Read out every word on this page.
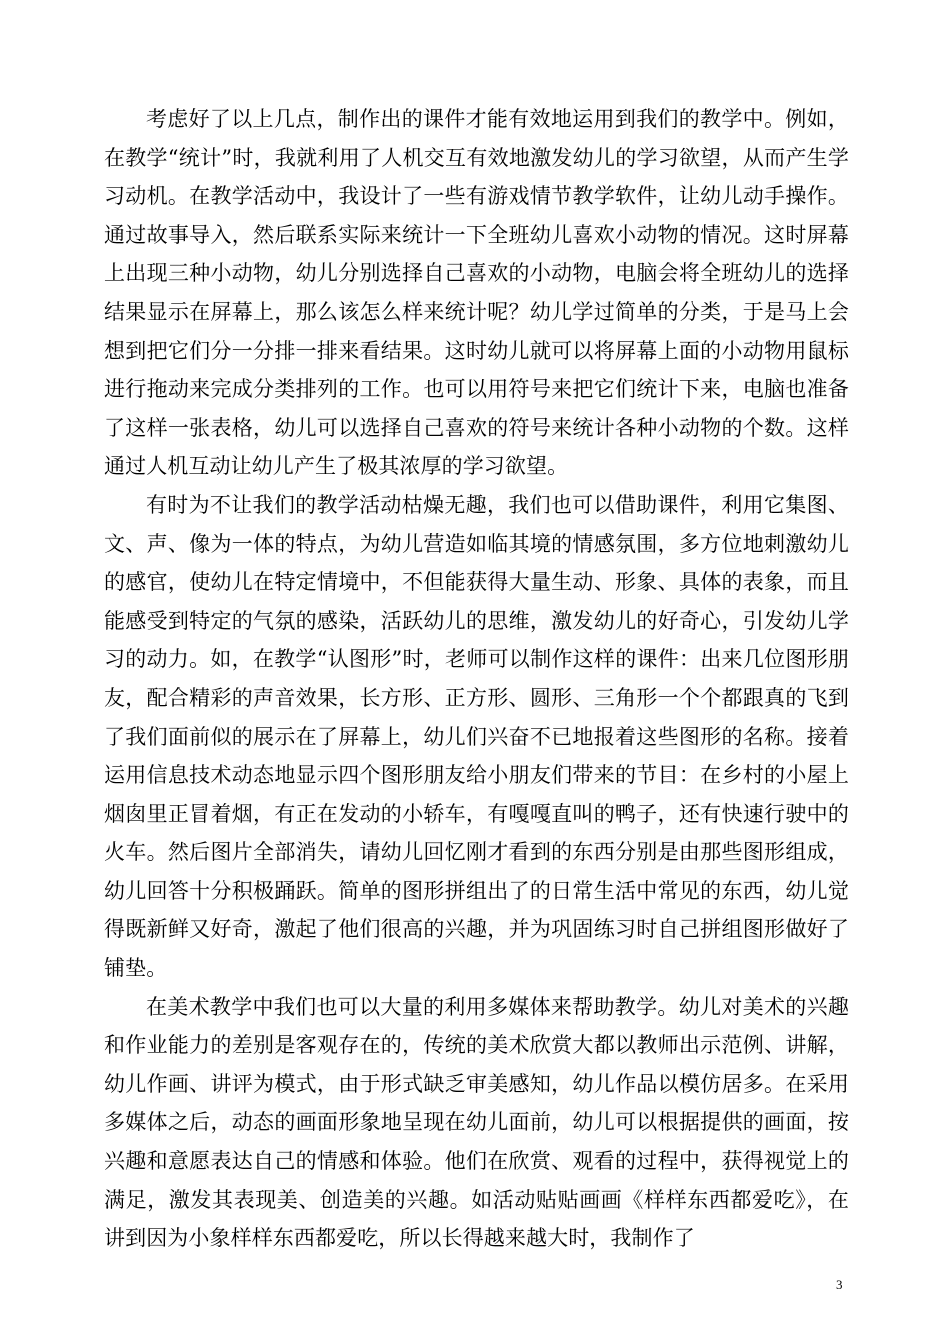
考虑好了以上几点，制作出的课件才能有效地运用到我们的教学中。例如，在教学“统计”时，我就利用了人机交互有效地激发幼儿的学习欲望，从而产生学习动机。在教学活动中，我设计了一些有游戏情节教学软件，让幼儿动手操作。通过故事导入，然后联系实际来统计一下全班幼儿喜欢小动物的情况。这时屏幕上出现三种小动物，幼儿分别选择自己喜欢的小动物，电脑会将全班幼儿的选择结果显示在屏幕上，那么该怎么样来统计呢？幼儿学过简单的分类，于是马上会想到把它们分一分排一排来看结果。这时幼儿就可以将屏幕上面的小动物用鼠标进行拖动来完成分类排列的工作。也可以用符号来把它们统计下来，电脑也准备了这样一张表格，幼儿可以选择自己喜欢的符号来统计各种小动物的个数。这样通过人机互动让幼儿产生了极其浓厚的学习欲望。

有时为不让我们的教学活动枯燥无趣，我们也可以借助课件，利用它集图、文、声、像为一体的特点，为幼儿营造如临其境的情感氛围，多方位地刺激幼儿的感官，使幼儿在特定情境中，不但能获得大量生动、形象、具体的表象，而且能感受到特定的气氛的感染，活跃幼儿的思维，激发幼儿的好奇心，引发幼儿学习的动力。如，在教学“认图形”时，老师可以制作这样的课件：出来几位图形朋友，配合精彩的声音效果，长方形、正方形、圆形、三角形一个个都跟真的飞到了我们面前似的展示在了屏幕上，幼儿们兴奋不已地报着这些图形的名称。接着运用信息技术动态地显示四个图形朋友给小朋友们带来的节目：在乡村的小屋上烟囱里正冒着烟，有正在发动的小轿车，有嘎嘎直叫的鸭子，还有快速行驶中的火车。然后图片全部消失，请幼儿回忆刚才看到的东西分别是由那些图形组成，幼儿回答十分积极踊跃。简单的图形拼组出了的日常生活中常见的东西，幼儿觉得既新鲜又好奇，激起了他们很高的兴趣，并为巩固练习时自己拼组图形做好了铺垫。

在美术教学中我们也可以大量的利用多媒体来帮助教学。幼儿对美术的兴趣和作业能力的差别是客观存在的，传统的美术欣赏大都以教师出示范例、讲解，幼儿作画、讲评为模式，由于形式缺乏审美感知，幼儿作品以模仿居多。在采用多媒体之后，动态的画面形象地呈现在幼儿面前，幼儿可以根据提供的画面，按兴趣和意愿表达自己的情感和体验。他们在欣赏、观看的过程中，获得视觉上的满足，激发其表现美、创造美的兴趣。如活动贴贴画画《样样东西都爱吃》，在讲到因为小象样样东西都爱吃，所以长得越来越大时，我制作了

3
